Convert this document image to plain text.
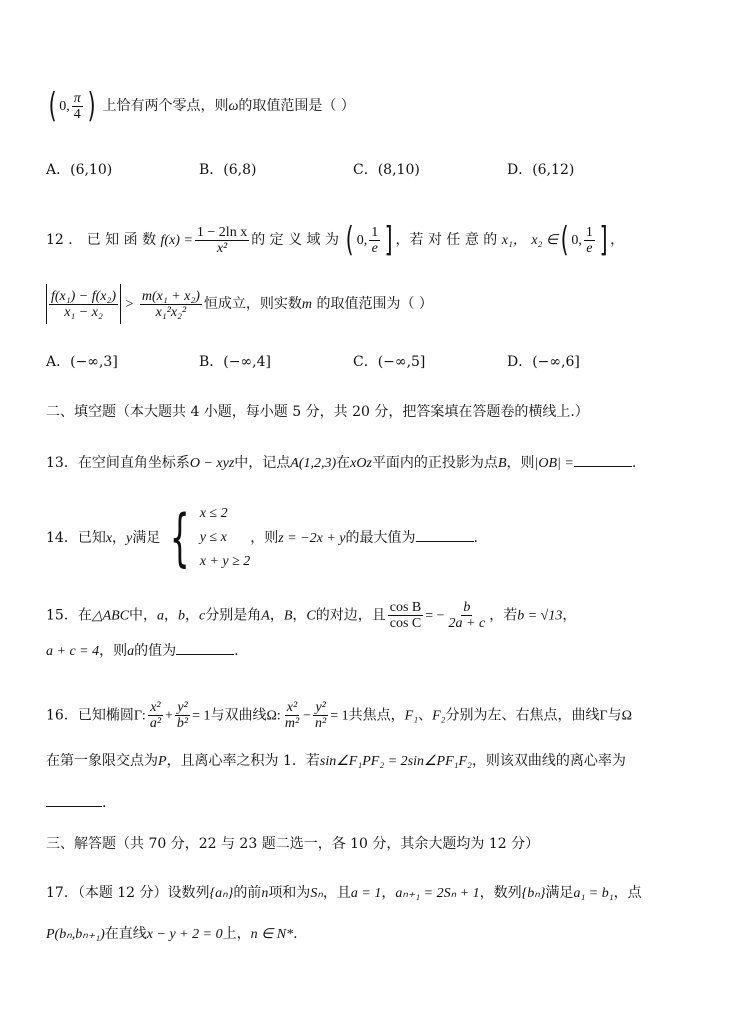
( 0, $\frac{\pi}{4}$ ) 上恰有两个零点，则ω的取值范围是（ ）
A．(6,10)	B．(6,8)	C．(8,10)	D．(6,12)
12 ． 已 知 函 数 $f(x) = \frac{\text{1 − 2ln x}}{\text{x²}}$ 的 定 义 域 为 ( 0, $\frac{1}{e}$ ] ，若 对 任 意 的 x₁， x₂ ∈( 0, $\frac{1}{e}$ ] ，
$\frac{\text{f(x₁) − f(x₂)}}{\text{x₁ − x₂}} > \frac{\text{m(x₁ + x₂)}}{\text{x₁²x₂²}}$ 恒成立，则实数m 的取值范围为（ ）
A．(−∞,3]	B．(−∞,4]	C．(−∞,5]	D．(−∞,6]
二、填空题（本大题共 4 小题，每小题 5 分，共 20 分，把答案填在答题卷的横线上.）
13．在空间直角坐标系O − xyz中，记点A(1,2,3)在xOz平面内的正投影为点B，则|OB| =	.
14．已知x，y满足 { x ≤ 2
y ≤ x
x + y ≥ 2
，则z = −2x + y的最大值为	.
15．在△ABC中，a，b，c分别是角A，B，C的对边，且 $\frac{\text{cos B}}{\text{cos C}}$ = − $\frac{b}{2a + c}$ ，若b = √13，
a + c = 4，则a的值为	.
16．已知椭圆Γ: $\frac{\text{x²}}{\text{a²}} + \frac{\text{y²}}{\text{b²}} = 1$与双曲线Ω: $\frac{\text{x²}}{\text{m²}} - \frac{\text{y²}}{\text{n²}} = 1$共焦点，F₁、F₂分别为左、右焦点，曲线Γ与Ω
在第一象限交点为P，且离心率之积为 1．若sin∠F₁PF₂ = 2sin∠PF₁F₂，则该双曲线的离心率为
.
三、解答题（共 70 分，22 与 23 题二选一，各 10 分，其余大题均为 12 分）
17．（本题 12 分）设数列{aₙ}的前n项和为Sₙ，且a = 1，aₙ₊₁ = 2Sₙ + 1，数列{bₙ}满足a₁ = b₁，点
P(bₙ,bₙ₊₁)在直线x − y + 2 = 0上，n ∈ N*.
